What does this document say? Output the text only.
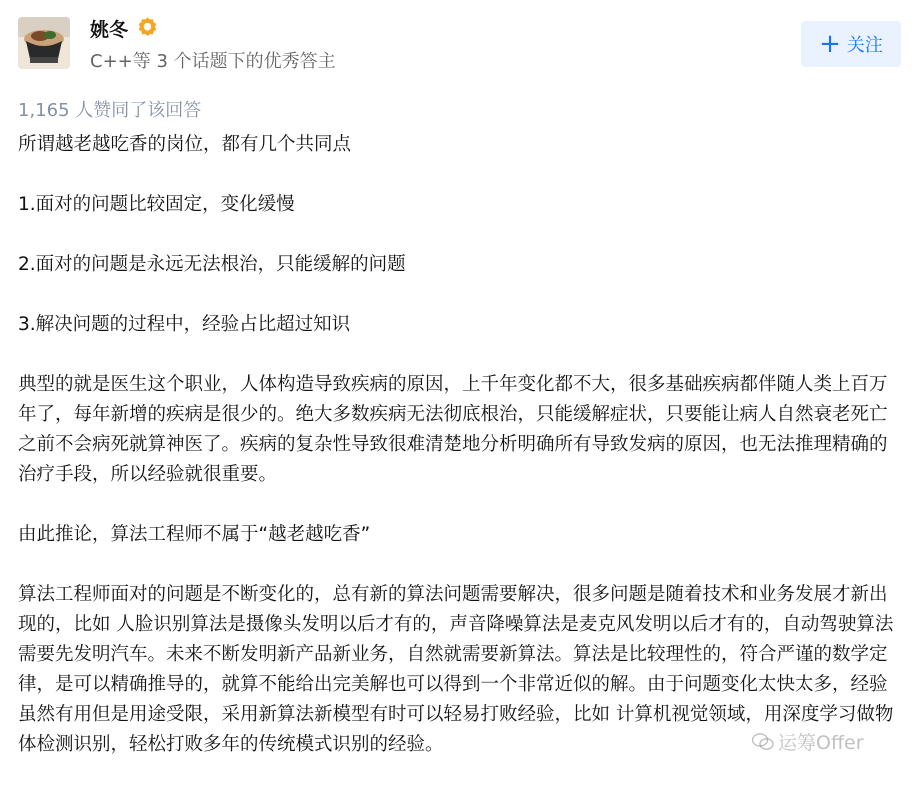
姚冬
C++等 3 个话题下的优秀答主
+ 关注
1,165 人赞同了该回答

所谓越老越吃香的岗位，都有几个共同点

1.面对的问题比较固定，变化缓慢

2.面对的问题是永远无法根治，只能缓解的问题

3.解决问题的过程中，经验占比超过知识

典型的就是医生这个职业，人体构造导致疾病的原因，上千年变化都不大，很多基础疾病都伴随人类上百万年了，每年新增的疾病是很少的。绝大多数疾病无法彻底根治，只能缓解症状，只要能让病人自然衰老死亡之前不会病死就算神医了。疾病的复杂性导致很难清楚地分析明确所有导致发病的原因，也无法推理精确的治疗手段，所以经验就很重要。

由此推论，算法工程师不属于“越老越吃香”

算法工程师面对的问题是不断变化的，总有新的算法问题需要解决，很多问题是随着技术和业务发展才新出现的，比如 人脸识别算法是摄像头发明以后才有的，声音降噪算法是麦克风发明以后才有的，自动驾驶算法需要先发明汽车。未来不断发明新产品新业务，自然就需要新算法。算法是比较理性的，符合严谨的数学定律，是可以精确推导的，就算不能给出完美解也可以得到一个非常近似的解。由于问题变化太快太多，经验虽然有用但是用途受限，采用新算法新模型有时可以轻易打败经验，比如 计算机视觉领域，用深度学习做物体检测识别，轻松打败多年的传统模式识别的经验。	运筹Offer
